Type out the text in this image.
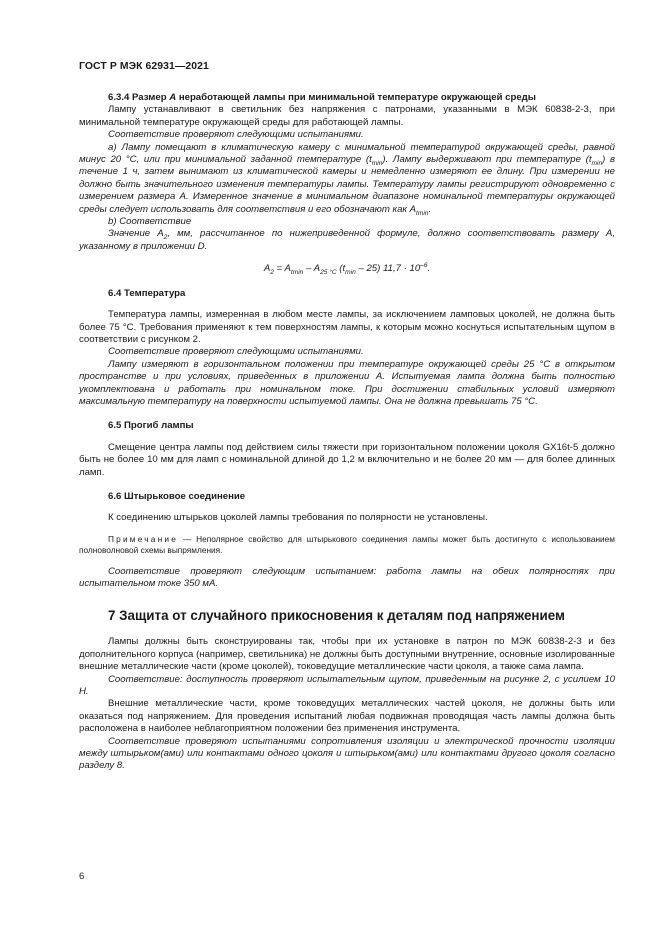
ГОСТ Р МЭК 62931—2021

6.3.4 Размер A неработающей лампы при минимальной температуре окружающей среды

Лампу устанавливают в светильник без напряжения с патронами, указанными в МЭК 60838-2-3, при минимальной температуре окружающей среды для работающей лампы.

Соответствие проверяют следующими испытаниями.

а) Лампу помещают в климатическую камеру с минимальной температурой окружающей среды, равной минус 20 °С, или при минимальной заданной температуре $(t_{min})$. Лампу выдерживают при температуре $(t_{min})$ в течение 1 ч, затем вынимают из климатической камеры и немедленно измеряют ее длину. При измерении не должно быть значительного изменения температуры лампы. Температуру лампы регистрируют одновременно с измерением размера A. Измеренное значение в минимальном диапазоне номинальной температуры окружающей среды следует использовать для соответствия и его обозначают как $A_{tmin}$.

b) Соответствие

Значение $A_2$, мм, рассчитанное по нижеприведенной формуле, должно соответствовать размеру A, указанному в приложении D.

$A_2 = A_{tmin} - A_{25 ^\circ C}$ $(t_{min} - 25) 11,7 \cdot 10^{-6}$.

6.4 Температура

Температура лампы, измеренная в любом месте лампы, за исключением ламповых цоколей, не должна быть более 75 °С. Требования применяют к тем поверхностям лампы, к которым можно коснуться испытательным щупом в соответствии с рисунком 2.

Соответствие проверяют следующими испытаниями.

Лампу измеряют в горизонтальном положении при температуре окружающей среды 25 °С в открытом пространстве и при условиях, приведенных в приложении А. Испытуемая лампа должна быть полностью укомплектована и работать при номинальном токе. При достижении стабильных условий измеряют максимальную температуру на поверхности испытуемой лампы. Она не должна превышать 75 °С.

6.5 Прогиб лампы

Смещение центра лампы под действием силы тяжести при горизонтальном положении цоколя GX16t-5 должно быть не более 10 мм для ламп с номинальной длиной до 1,2 м включительно и не более 20 мм — для более длинных ламп.

6.6 Штырьковое соединение

К соединению штырьков цоколей лампы требования по полярности не установлены.

Примечание — Неполярное свойство для штырькового соединения лампы может быть достигнуто с использованием полноволновой схемы выпрямления.

Соответствие проверяют следующим испытанием: работа лампы на обеих полярностях при испытательном токе 350 мА.

7 Защита от случайного прикосновения к деталям под напряжением

Лампы должны быть сконструированы так, чтобы при их установке в патрон по МЭК 60838-2-3 и без дополнительного корпуса (например, светильника) не должны быть доступными внутренние, основные изолированные внешние металлические части (кроме цоколей), токоведущие металлические части цоколя, а также сама лампа.

Соответствие: доступность проверяют испытательным щупом, приведенным на рисунке 2, с усилием 10 Н.

Внешние металлические части, кроме токоведущих металлических частей цоколя, не должны быть или оказаться под напряжением. Для проведения испытаний любая подвижная проводящая часть лампы должна быть расположена в наиболее неблагоприятном положении без применения инструмента.

Соответствие проверяют испытаниями сопротивления изоляции и электрической прочности изоляции между штырьком(ами) или контактами одного цоколя и штырьком(ами) или контактами другого цоколя согласно разделу 8.

6
